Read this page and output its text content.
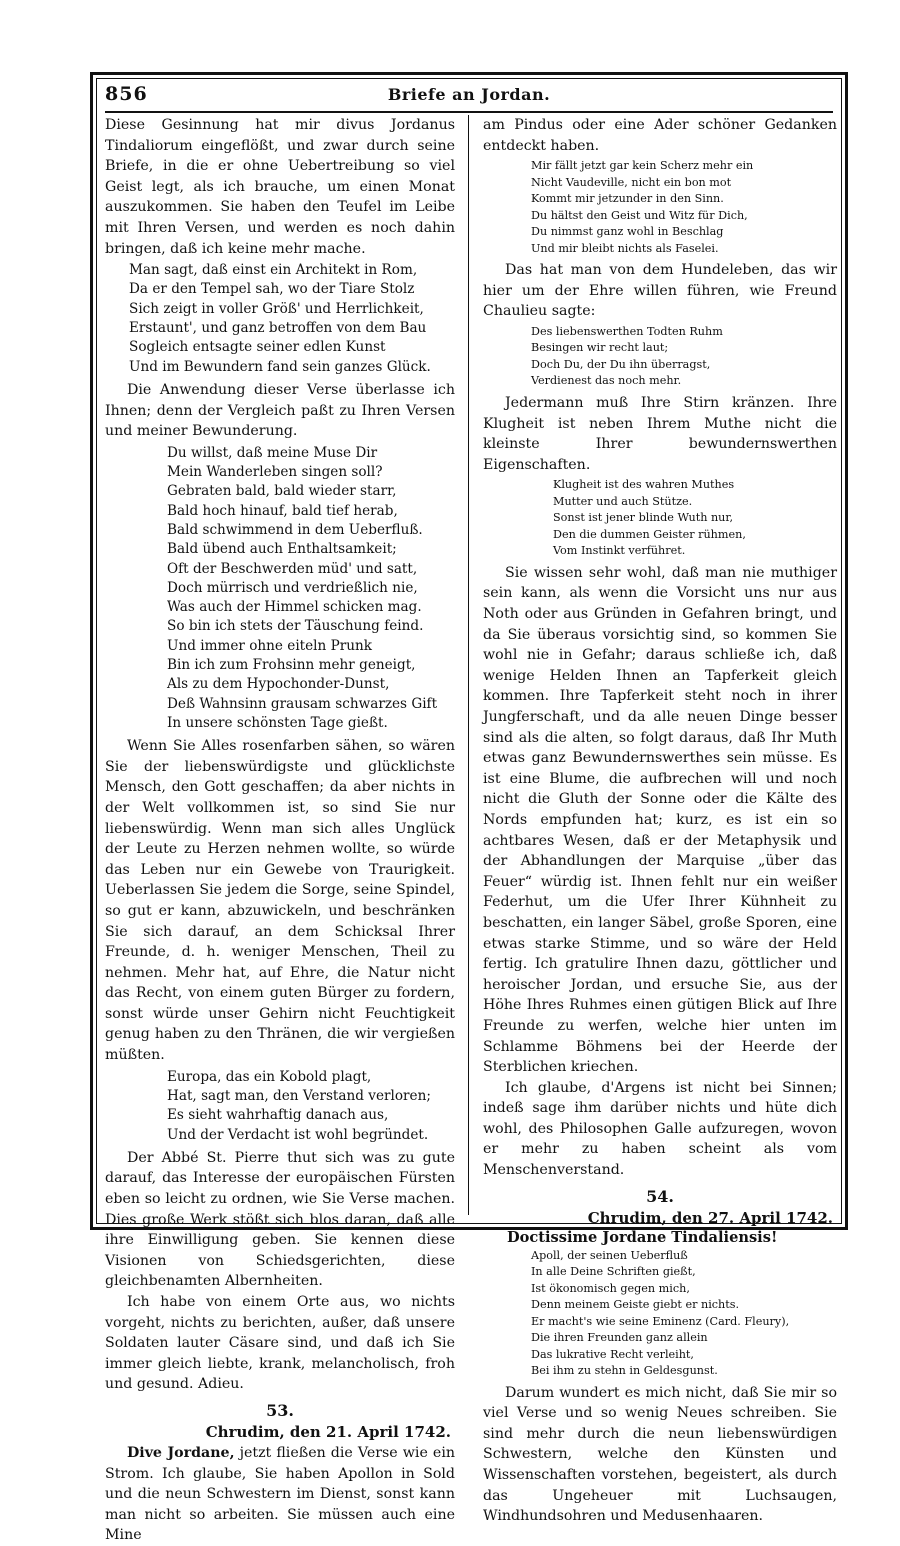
856	Briefe an Jordan.

Diese Gesinnung hat mir divus Jordanus Tindaliorum eingeflößt, und zwar durch seine Briefe, in die er ohne Uebertreibung so viel Geist legt, als ich brauche, um einen Monat auszukommen. Sie haben den Teufel im Leibe mit Ihren Versen, und werden es noch dahin bringen, daß ich keine mehr mache.

Man sagt, daß einst ein Architekt in Rom,
Da er den Tempel sah, wo der Tiare Stolz
Sich zeigt in voller Größ' und Herrlichkeit,
Erstaunt', und ganz betroffen von dem Bau
Sogleich entsagte seiner edlen Kunst
Und im Bewundern fand sein ganzes Glück.

Die Anwendung dieser Verse überlasse ich Ihnen; denn der Vergleich paßt zu Ihren Versen und meiner Bewunderung.

Du willst, daß meine Muse Dir
Mein Wanderleben singen soll?
Gebraten bald, bald wieder starr,
Bald hoch hinauf, bald tief herab,
Bald schwimmend in dem Ueberfluß.
Bald übend auch Enthaltsamkeit;
Oft der Beschwerden müd' und satt,
Doch mürrisch und verdrießlich nie,
Was auch der Himmel schicken mag.
So bin ich stets der Täuschung feind.
Und immer ohne eiteln Prunk
Bin ich zum Frohsinn mehr geneigt,
Als zu dem Hypochonder-Dunst,
Deß Wahnsinn grausam schwarzes Gift
In unsere schönsten Tage gießt.

Wenn Sie Alles rosenfarben sähen, so wären Sie der liebenswürdigste und glücklichste Mensch, den Gott geschaffen; da aber nichts in der Welt vollkommen ist, so sind Sie nur liebenswürdig. Wenn man sich alles Unglück der Leute zu Herzen nehmen wollte, so würde das Leben nur ein Gewebe von Traurigkeit. Ueberlassen Sie jedem die Sorge, seine Spindel, so gut er kann, abzuwickeln, und beschränken Sie sich darauf, an dem Schicksal Ihrer Freunde, d. h. weniger Menschen, Theil zu nehmen. Mehr hat, auf Ehre, die Natur nicht das Recht, von einem guten Bürger zu fordern, sonst würde unser Gehirn nicht Feuchtigkeit genug haben zu den Thränen, die wir vergießen müßten.

Europa, das ein Kobold plagt,
Hat, sagt man, den Verstand verloren;
Es sieht wahrhaftig danach aus,
Und der Verdacht ist wohl begründet.

Der Abbé St. Pierre thut sich was zu gute darauf, das Interesse der europäischen Fürsten eben so leicht zu ordnen, wie Sie Verse machen. Dies große Werk stößt sich blos daran, daß alle ihre Einwilligung geben. Sie kennen diese Visionen von Schiedsgerichten, diese gleichbenamten Albernheiten.

Ich habe von einem Orte aus, wo nichts vorgeht, nichts zu berichten, außer, daß unsere Soldaten lauter Cäsare sind, und daß ich Sie immer gleich liebte, krank, melancholisch, froh und gesund. Adieu.

53.
Chrudim, den 21. April 1742.

Dive Jordane, jetzt fließen die Verse wie ein Strom. Ich glaube, Sie haben Apollon in Sold und die neun Schwestern im Dienst, sonst kann man nicht so arbeiten. Sie müssen auch eine Mine

am Pindus oder eine Ader schöner Gedanken entdeckt haben.

Mir fällt jetzt gar kein Scherz mehr ein
Nicht Vaudeville, nicht ein bon mot
Kommt mir jetzunder in den Sinn.
Du hältst den Geist und Witz für Dich,
Du nimmst ganz wohl in Beschlag
Und mir bleibt nichts als Faselei.

Das hat man von dem Hundeleben, das wir hier um der Ehre willen führen, wie Freund Chaulieu sagte:

Des liebenswerthen Todten Ruhm
Besingen wir recht laut;
Doch Du, der Du ihn überragst,
Verdienest das noch mehr.

Jedermann muß Ihre Stirn kränzen. Ihre Klugheit ist neben Ihrem Muthe nicht die kleinste Ihrer bewundernswerthen Eigenschaften.

Klugheit ist des wahren Muthes
Mutter und auch Stütze.
Sonst ist jener blinde Wuth nur,
Den die dummen Geister rühmen,
Vom Instinkt verführet.

Sie wissen sehr wohl, daß man nie muthiger sein kann, als wenn die Vorsicht uns nur aus Noth oder aus Gründen in Gefahren bringt, und da Sie überaus vorsichtig sind, so kommen Sie wohl nie in Gefahr; daraus schließe ich, daß wenige Helden Ihnen an Tapferkeit gleich kommen. Ihre Tapferkeit steht noch in ihrer Jungferschaft, und da alle neuen Dinge besser sind als die alten, so folgt daraus, daß Ihr Muth etwas ganz Bewundernswerthes sein müsse. Es ist eine Blume, die aufbrechen will und noch nicht die Gluth der Sonne oder die Kälte des Nords empfunden hat; kurz, es ist ein so achtbares Wesen, daß er der Metaphysik und der Abhandlungen der Marquise „über das Feuer“ würdig ist. Ihnen fehlt nur ein weißer Federhut, um die Ufer Ihrer Kühnheit zu beschatten, ein langer Säbel, große Sporen, eine etwas starke Stimme, und so wäre der Held fertig. Ich gratulire Ihnen dazu, göttlicher und heroischer Jordan, und ersuche Sie, aus der Höhe Ihres Ruhmes einen gütigen Blick auf Ihre Freunde zu werfen, welche hier unten im Schlamme Böhmens bei der Heerde der Sterblichen kriechen.

Ich glaube, d'Argens ist nicht bei Sinnen; indeß sage ihm darüber nichts und hüte dich wohl, des Philosophen Galle aufzuregen, wovon er mehr zu haben scheint als vom Menschenverstand.

54.
Chrudim, den 27. April 1742.
Doctissime Jordane Tindaliensis!
Apoll, der seinen Ueberfluß
In alle Deine Schriften gießt,
Ist ökonomisch gegen mich,
Denn meinem Geiste giebt er nichts.
Er macht's wie seine Eminenz (Card. Fleury),
Die ihren Freunden ganz allein
Das lukrative Recht verleiht,
Bei ihm zu stehn in Geldesgunst.

Darum wundert es mich nicht, daß Sie mir so viel Verse und so wenig Neues schreiben. Sie sind mehr durch die neun liebenswürdigen Schwestern, welche den Künsten und Wissenschaften vorstehen, begeistert, als durch das Ungeheuer mit Luchsaugen, Windhundsohren und Medusenhaaren.
